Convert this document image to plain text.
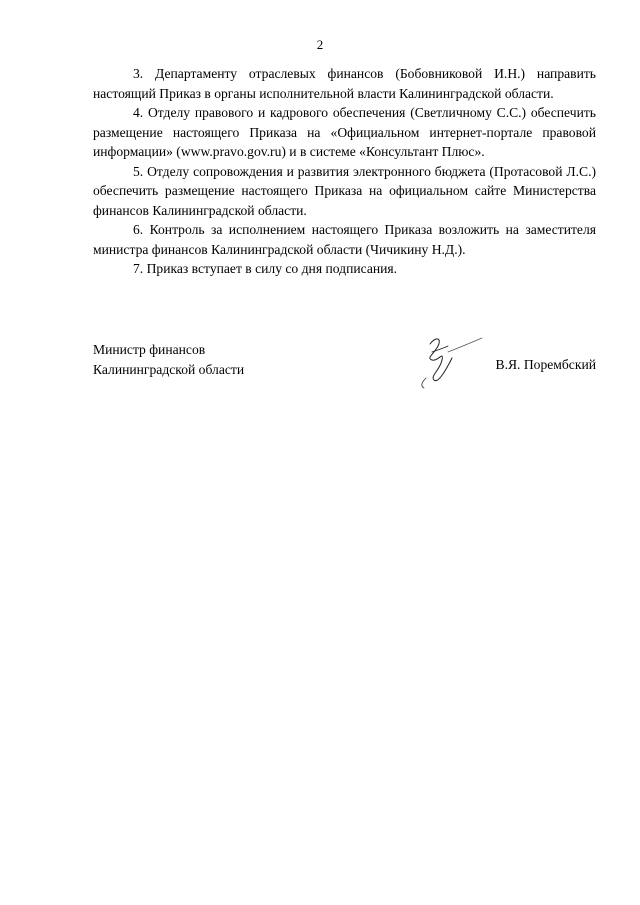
2

3. Департаменту отраслевых финансов (Бобовниковой И.Н.) направить настоящий Приказ в органы исполнительной власти Калининградской области.

4. Отделу правового и кадрового обеспечения (Светличному С.С.) обеспечить размещение настоящего Приказа на «Официальном интернет-портале правовой информации» (www.pravo.gov.ru) и в системе «Консультант Плюс».

5. Отделу сопровождения и развития электронного бюджета (Протасовой Л.С.) обеспечить размещение настоящего Приказа на официальном сайте Министерства финансов Калининградской области.

6. Контроль за исполнением настоящего Приказа возложить на заместителя министра финансов Калининградской области (Чичикину Н.Д.).

7. Приказ вступает в силу со дня подписания.

Министр финансов
Калининградской области	В.Я. Порембский
